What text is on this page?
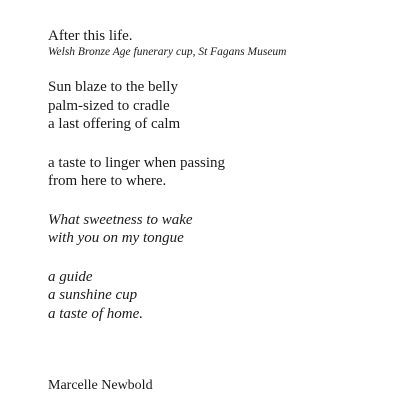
After this life.

Welsh Bronze Age funerary cup, St Fagans Museum

Sun blaze to the belly
palm-sized to cradle
a last offering of calm
a taste to linger when passing
from here to where.
What sweetness to wake
with you on my tongue
a guide
a sunshine cup
a taste of home.

Marcelle Newbold
